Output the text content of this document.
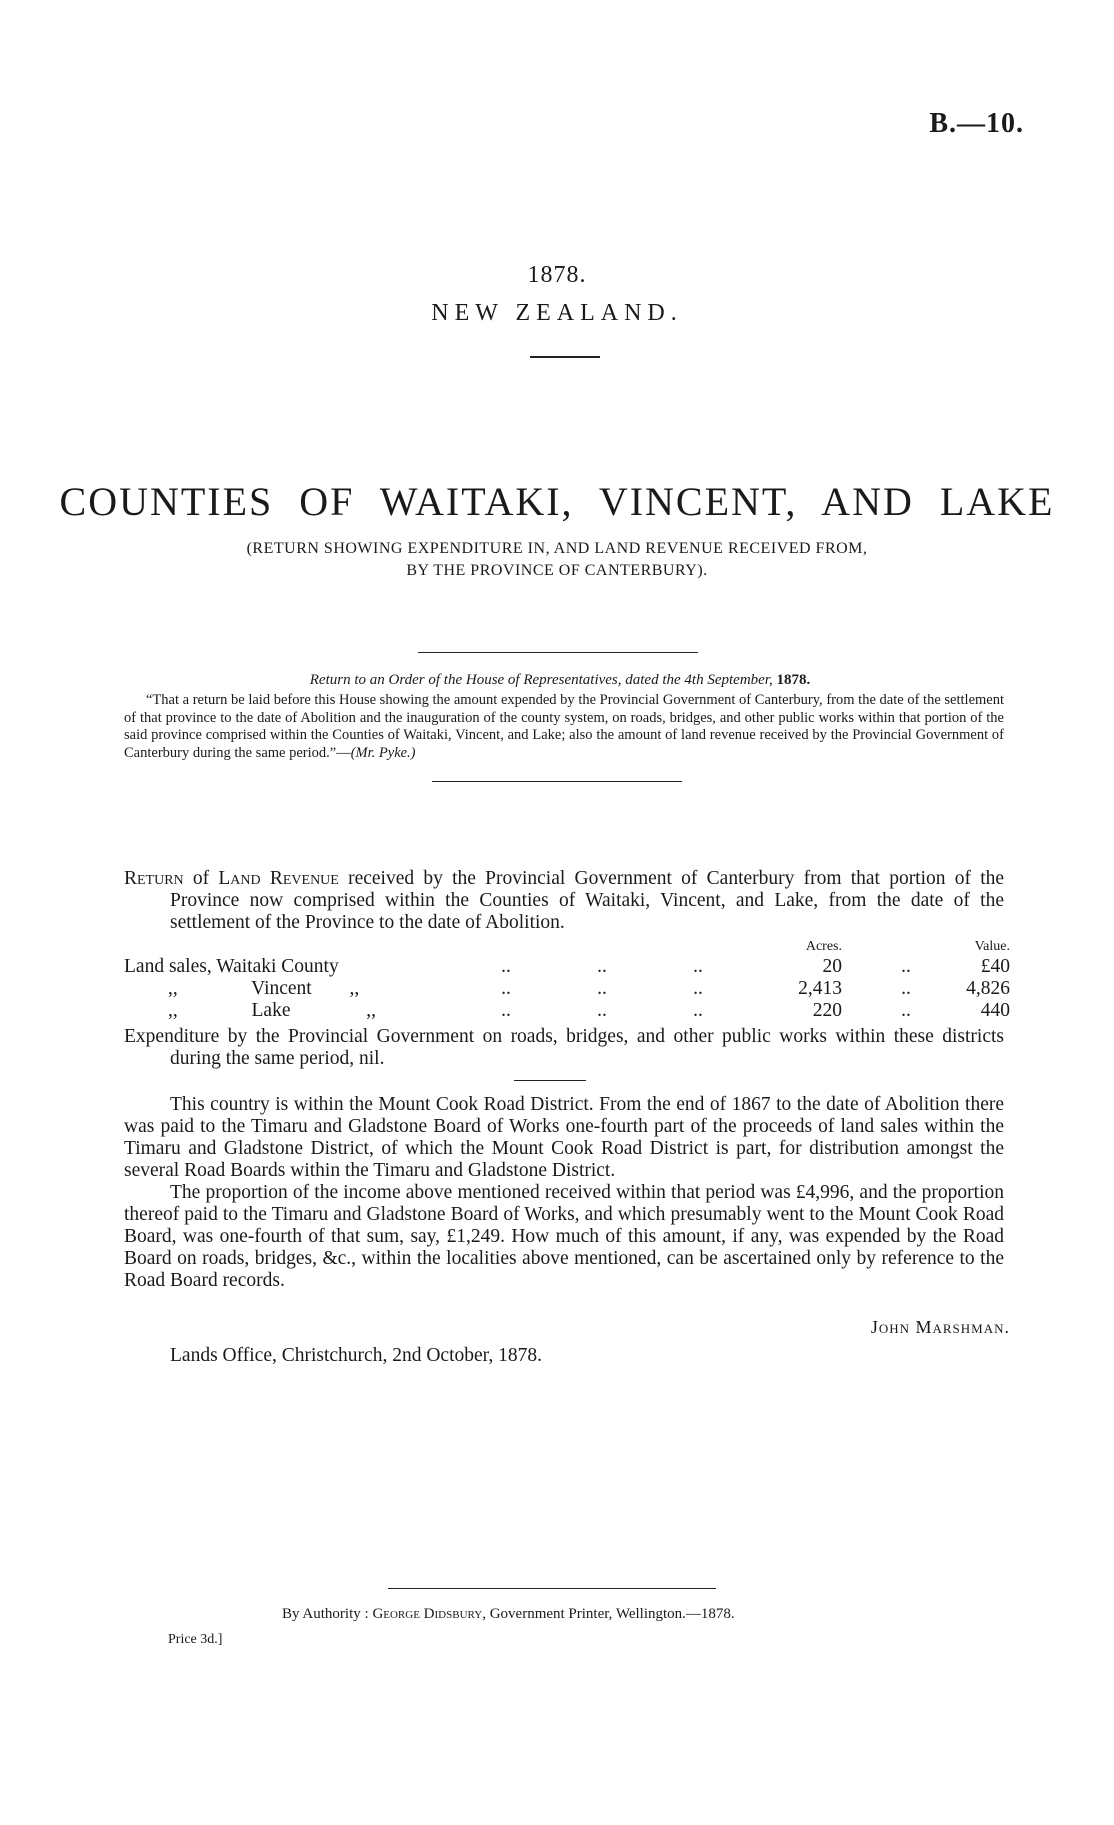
B.—10.
1878.
NEW ZEALAND.
COUNTIES OF WAITAKI, VINCENT, AND LAKE
(RETURN SHOWING EXPENDITURE IN, AND LAND REVENUE RECEIVED FROM,
BY THE PROVINCE OF CANTERBURY).
Return to an Order of the House of Representatives, dated the 4th September, 1878.

“That a return be laid before this House showing the amount expended by the Provincial Government of Canterbury, from the date of the settlement of that province to the date of Abolition and the inauguration of the county system, on roads, bridges, and other public works within that portion of the said province comprised within the Counties of Waitaki, Vincent, and Lake; also the amount of land revenue received by the Provincial Government of Canterbury during the same period.”—(Mr. Pyke.)

Return of Land Revenue received by the Provincial Government of Canterbury from that portion of the Province now comprised within the Counties of Waitaki, Vincent, and Lake, from the date of the settlement of the Province to the date of Abolition.
				Acres.		Value.
Land sales, Waitaki County	..	..	..	20	..	£40
,, Vincent ,,	..	..	..	2,413	..	4,826
,, Lake ,,	..	..	..	220	..	440

Expenditure by the Provincial Government on roads, bridges, and other public works within these districts during the same period, nil.

This country is within the Mount Cook Road District. From the end of 1867 to the date of Abolition there was paid to the Timaru and Gladstone Board of Works one-fourth part of the proceeds of land sales within the Timaru and Gladstone District, of which the Mount Cook Road District is part, for distribution amongst the several Road Boards within the Timaru and Gladstone District.

The proportion of the income above mentioned received within that period was £4,996, and the proportion thereof paid to the Timaru and Gladstone Board of Works, and which presumably went to the Mount Cook Road Board, was one-fourth of that sum, say, £1,249. How much of this amount, if any, was expended by the Road Board on roads, bridges, &c., within the localities above mentioned, can be ascertained only by reference to the Road Board records.

John Marshman.
Lands Office, Christchurch, 2nd October, 1878.
By Authority : George Didsbury, Government Printer, Wellington.—1878.
Price 3d.]
